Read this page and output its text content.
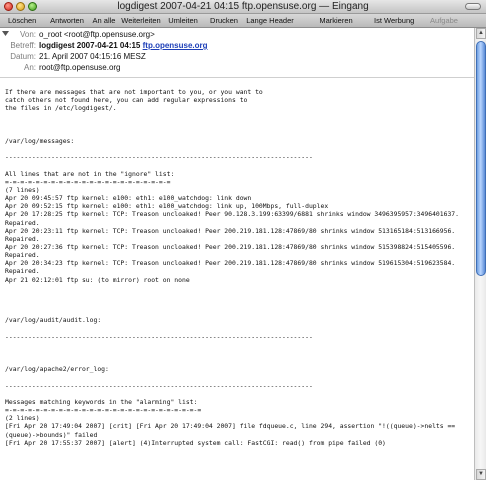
logdigest 2007-04-21 04:15 ftp.opensuse.org — Eingang
Löschen Antworten	An alle Weiterleiten Umleiten Drucken Lange Header	Markieren	Ist Werbung Aufgabe
Von: o_root <root@ftp.opensuse.org>
Betreff: logdigest 2007-04-21 04:15 ftp.opensuse.org
Datum: 21. April 2007 04:15:16 MESZ
An: root@ftp.opensuse.org
If there are messages that are not important to you, or you want to
catch others not found here, you can add regular expressions to
the files in /etc/logdigest/.

/var/log/messages:

--------------------------------------------------------------------------------

All lines that are not in the "ignore" list:
=-=-=-=-=-=-=-=-=-=-=-=-=-=-=-=-=-=-=-=-=-=
(7 lines)
Apr 20 09:45:57 ftp kernel: e100: eth1: e100_watchdog: link down
Apr 20 09:52:15 ftp kernel: e100: eth1: e100_watchdog: link up, 100Mbps, full-duplex
Apr 20 17:28:25 ftp kernel: TCP: Treason uncloaked! Peer 90.128.3.199:63399/6881 shrinks window 3496395957:3496401637.
Repaired.
Apr 20 20:23:11 ftp kernel: TCP: Treason uncloaked! Peer 200.219.181.128:47869/80 shrinks window 513165184:513166956.
Repaired.
Apr 20 20:27:36 ftp kernel: TCP: Treason uncloaked! Peer 200.219.181.128:47869/80 shrinks window 515398824:515405596.
Repaired.
Apr 20 20:34:23 ftp kernel: TCP: Treason uncloaked! Peer 200.219.181.128:47869/80 shrinks window 519615304:519623584.
Repaired.
Apr 21 02:12:01 ftp su: (to mirror) root on none

/var/log/audit/audit.log:

--------------------------------------------------------------------------------

/var/log/apache2/error_log:

--------------------------------------------------------------------------------

Messages matching keywords in the "alarming" list:
=-=-=-=-=-=-=-=-=-=-=-=-=-=-=-=-=-=-=-=-=-=-=-=-=-=
(2 lines)
[Fri Apr 20 17:49:04 2007] [crit] [Fri Apr 20 17:49:04 2007] file fdqueue.c, line 294, assertion "!((queue)->nelts ==
(queue)->bounds)" failed
[Fri Apr 20 17:55:37 2007] [alert] (4)Interrupted system call: FastCGI: read() from pipe failed (0)
▲
▼
